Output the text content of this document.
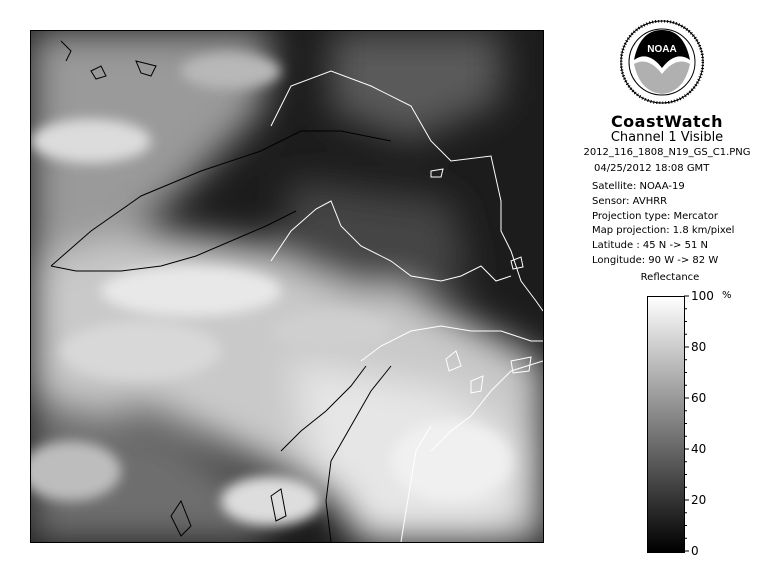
NOAA
CoastWatch
Channel 1 Visible
2012_116_1808_N19_GS_C1.PNG
04/25/2012 18:08 GMT
Satellite: NOAA-19
Sensor: AVHRR
Projection type: Mercator
Map projection: 1.8 km/pixel
Latitude : 45 N -> 51 N
Longitude: 90 W -> 82 W
Reflectance
%
100
80
60
40
20
0
